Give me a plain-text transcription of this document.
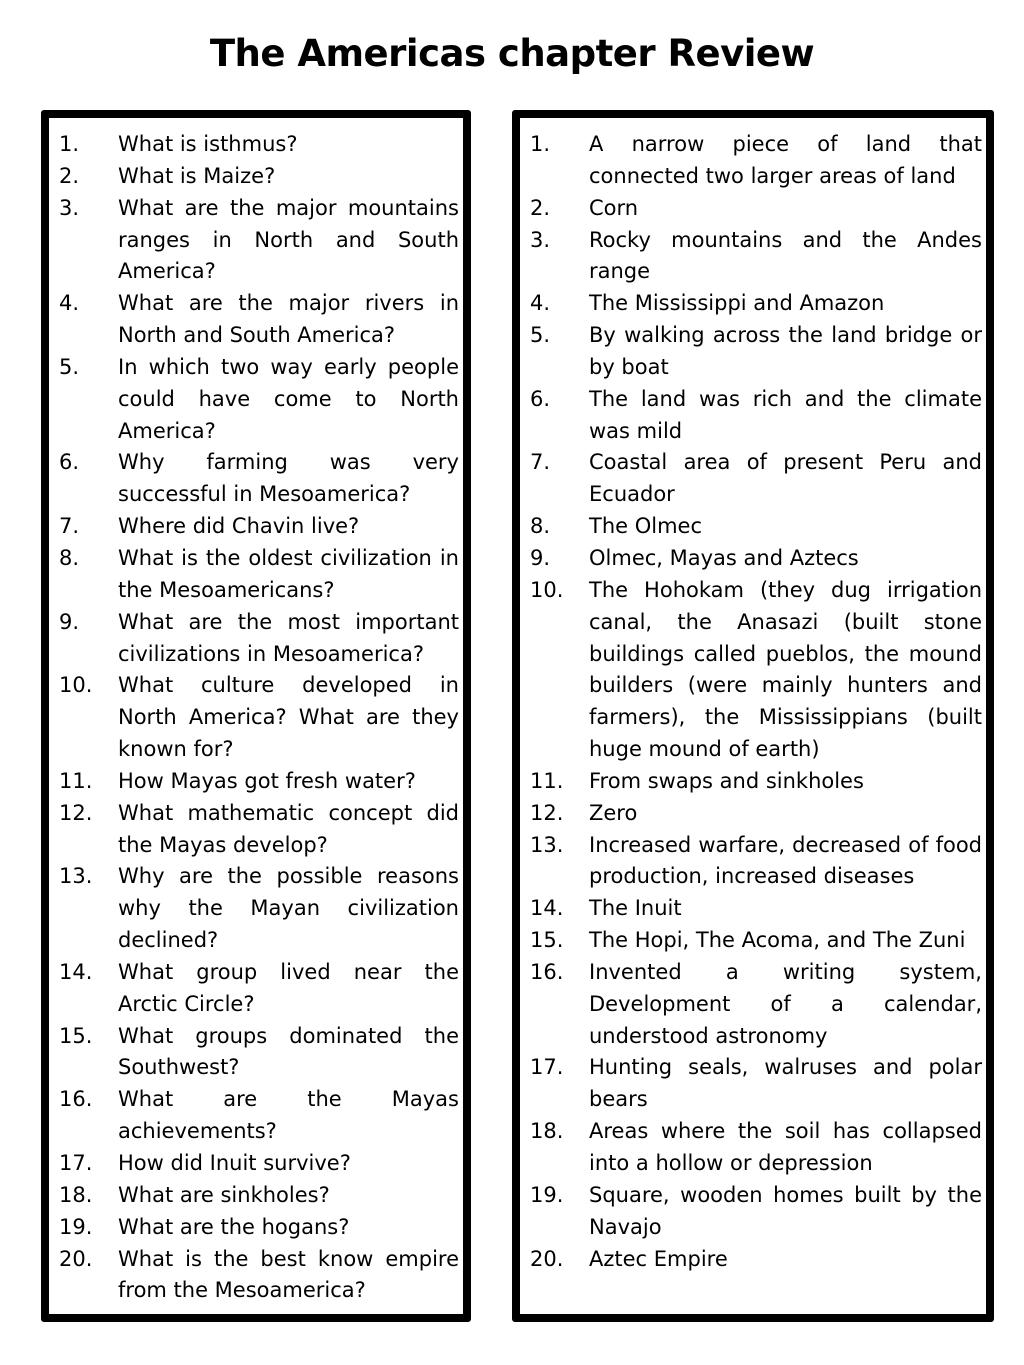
The Americas chapter Review
1. What is isthmus?
2. What is Maize?
3. What are the major mountains ranges in North and South America?
4. What are the major rivers in North and South America?
5. In which two way early people could have come to North America?
6. Why farming was very successful in Mesoamerica?
7. Where did Chavin live?
8. What is the oldest civilization in the Mesoamericans?
9. What are the most important civilizations in Mesoamerica?
10. What culture developed in North America? What are they known for?
11. How Mayas got fresh water?
12. What mathematic concept did the Mayas develop?
13. Why are the possible reasons why the Mayan civilization declined?
14. What group lived near the Arctic Circle?
15. What groups dominated the Southwest?
16. What are the Mayas achievements?
17. How did Inuit survive?
18. What are sinkholes?
19. What are the hogans?
20. What is the best know empire from the Mesoamerica?
1. A narrow piece of land that connected two larger areas of land
2. Corn
3. Rocky mountains and the Andes range
4. The Mississippi and Amazon
5. By walking across the land bridge or by boat
6. The land was rich and the climate was mild
7. Coastal area of present Peru and Ecuador
8. The Olmec
9. Olmec, Mayas and Aztecs
10. The Hohokam (they dug irrigation canal, the Anasazi (built stone buildings called pueblos, the mound builders (were mainly hunters and farmers), the Mississippians (built huge mound of earth)
11. From swaps and sinkholes
12. Zero
13. Increased warfare, decreased of food production, increased diseases
14. The Inuit
15. The Hopi, The Acoma, and The Zuni
16. Invented a writing system, Development of a calendar, understood astronomy
17. Hunting seals, walruses and polar bears
18. Areas where the soil has collapsed into a hollow or depression
19. Square, wooden homes built by the Navajo
20. Aztec Empire
